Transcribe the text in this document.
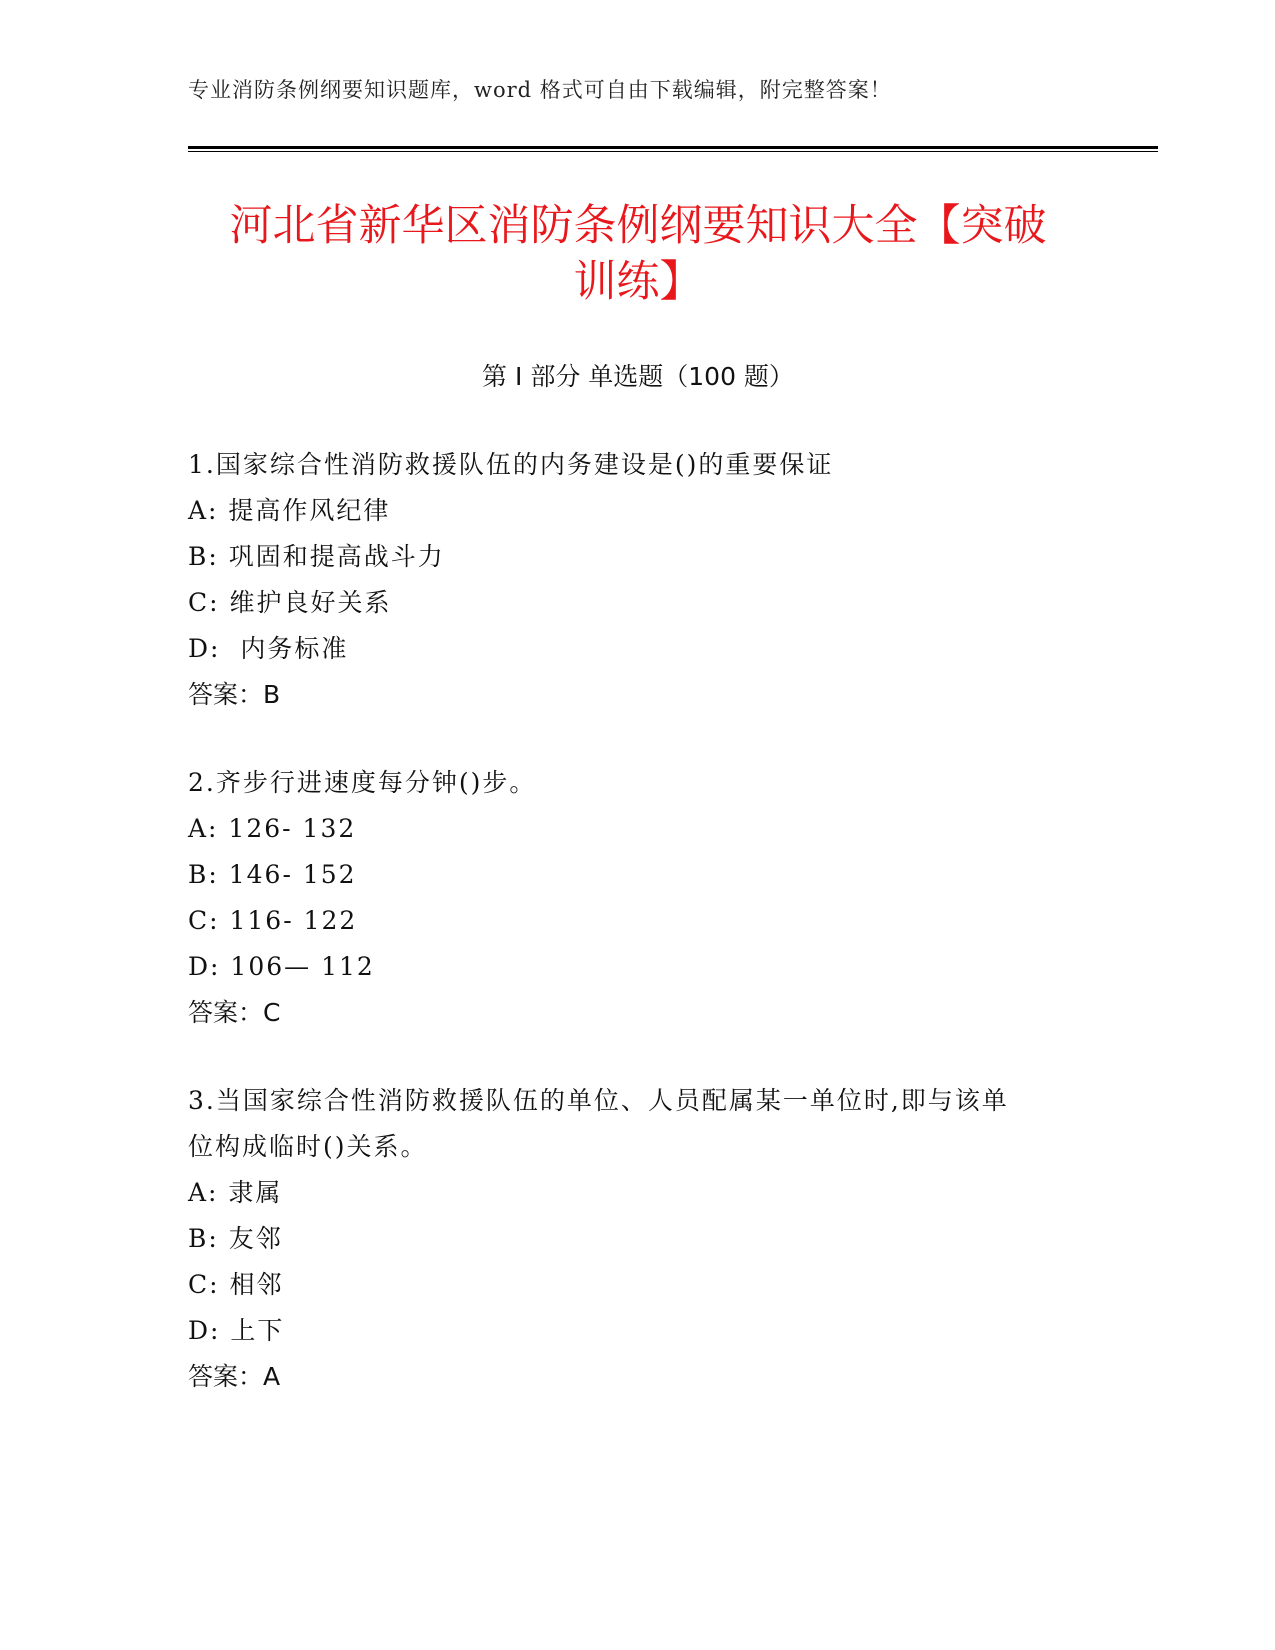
专业消防条例纲要知识题库，word 格式可自由下载编辑，附完整答案！
河北省新华区消防条例纲要知识大全【突破
训练】
第 I 部分 单选题（100 题）
1.国家综合性消防救援队伍的内务建设是()的重要保证
A: 提高作风纪律
B: 巩固和提高战斗力
C: 维护良好关系
D:  内务标准
答案：B
2.齐步行进速度每分钟()步。
A: 126- 132
B: 146- 152
C: 116- 122
D: 106— 112
答案：C
3.当国家综合性消防救援队伍的单位、人员配属某一单位时,即与该单
位构成临时()关系。
A: 隶属
B: 友邻
C: 相邻
D: 上下
答案：A
